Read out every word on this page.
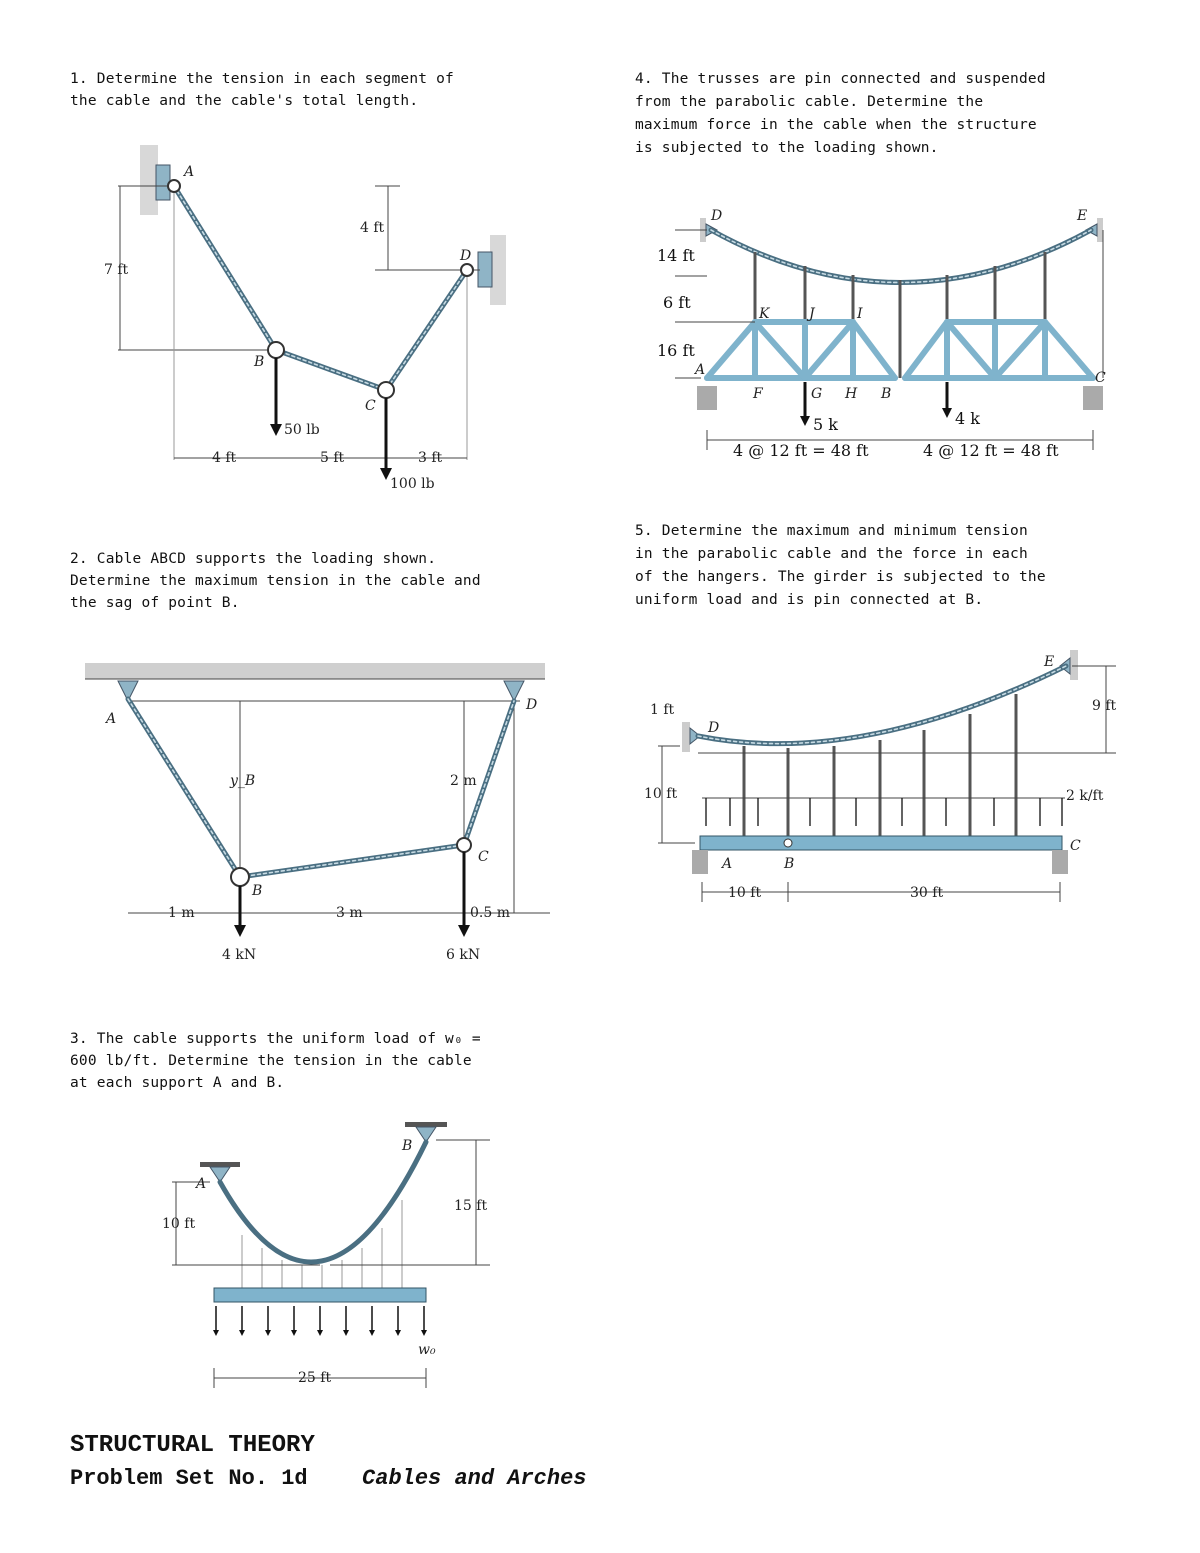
1. Determine the tension in each segment of
the cable and the cable's total length.
2. Cable ABCD supports the loading shown.
Determine the maximum tension in the cable and
the sag of point B.
3. The cable supports the uniform load of w₀ =
600 lb/ft. Determine the tension in the cable
at each support A and B.
4. The trusses are pin connected and suspended
from the parabolic cable. Determine the
maximum force in the cable when the structure
is subjected to the loading shown.
5. Determine the maximum and minimum tension
in the parabolic cable and the force in each
of the hangers. The girder is subjected to the
uniform load and is pin connected at B.
A
B
C
D
7 ft
4 ft
4 ft	5 ft	3 ft
50 lb
100 lb
A
B
C
D
y_B	2 m
1 m	3 m	0.5 m
4 kN	6 kN
A
B
10 ft
15 ft
25 ft
w₀
D	E
A	C
K	J	I
F	G H B
14 ft
6 ft
16 ft
4 @ 12 ft = 48 ft	4 @ 12 ft = 48 ft
5 k	4 k
E
D
A	B
C
9 ft
1 ft
10 ft
10 ft	30 ft
2 k/ft
STRUCTURAL THEORY
Problem Set No. 1d Cables and Arches
